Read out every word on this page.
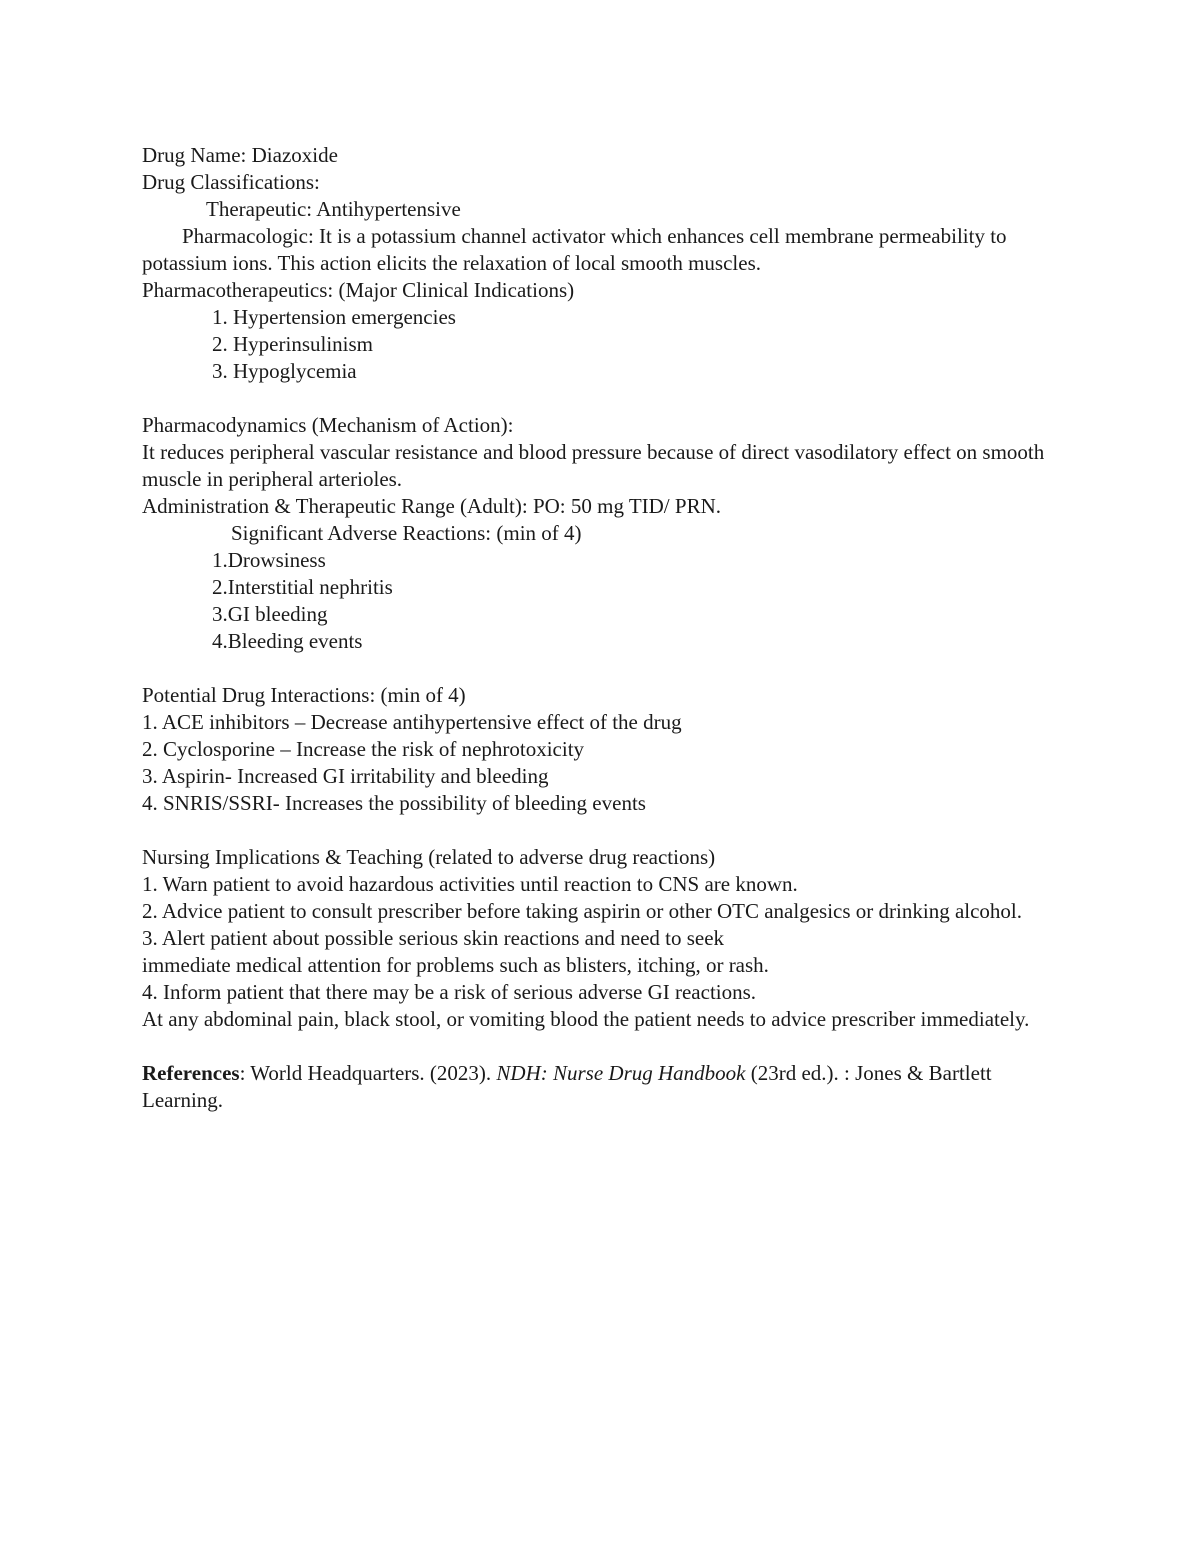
Drug Name: Diazoxide

Drug Classifications:

Therapeutic: Antihypertensive

Pharmacologic: It is a potassium channel activator which enhances cell membrane permeability to potassium ions. This action elicits the relaxation of local smooth muscles.

Pharmacotherapeutics: (Major Clinical Indications)

1. Hypertension emergencies

2. Hyperinsulinism

3. Hypoglycemia

Pharmacodynamics (Mechanism of Action):

It reduces peripheral vascular resistance and blood pressure because of direct vasodilatory effect on smooth muscle in peripheral arterioles.

Administration & Therapeutic Range (Adult): PO: 50 mg TID/ PRN.

Significant Adverse Reactions: (min of 4)

1.Drowsiness

2.Interstitial nephritis

3.GI bleeding

4.Bleeding events

Potential Drug Interactions: (min of 4)

1. ACE inhibitors – Decrease antihypertensive effect of the drug

2. Cyclosporine – Increase the risk of nephrotoxicity

3. Aspirin- Increased GI irritability and bleeding

4. SNRIS/SSRI- Increases the possibility of bleeding events

Nursing Implications & Teaching (related to adverse drug reactions)

1. Warn patient to avoid hazardous activities until reaction to CNS are known.

2. Advice patient to consult prescriber before taking aspirin or other OTC analgesics or drinking alcohol.

3. Alert patient about possible serious skin reactions and need to seek

immediate medical attention for problems such as blisters, itching, or rash.

4. Inform patient that there may be a risk of serious adverse GI reactions.

At any abdominal pain, black stool, or vomiting blood the patient needs to advice prescriber immediately.

References: World Headquarters. (2023). NDH: Nurse Drug Handbook (23rd ed.). : Jones & Bartlett Learning.
